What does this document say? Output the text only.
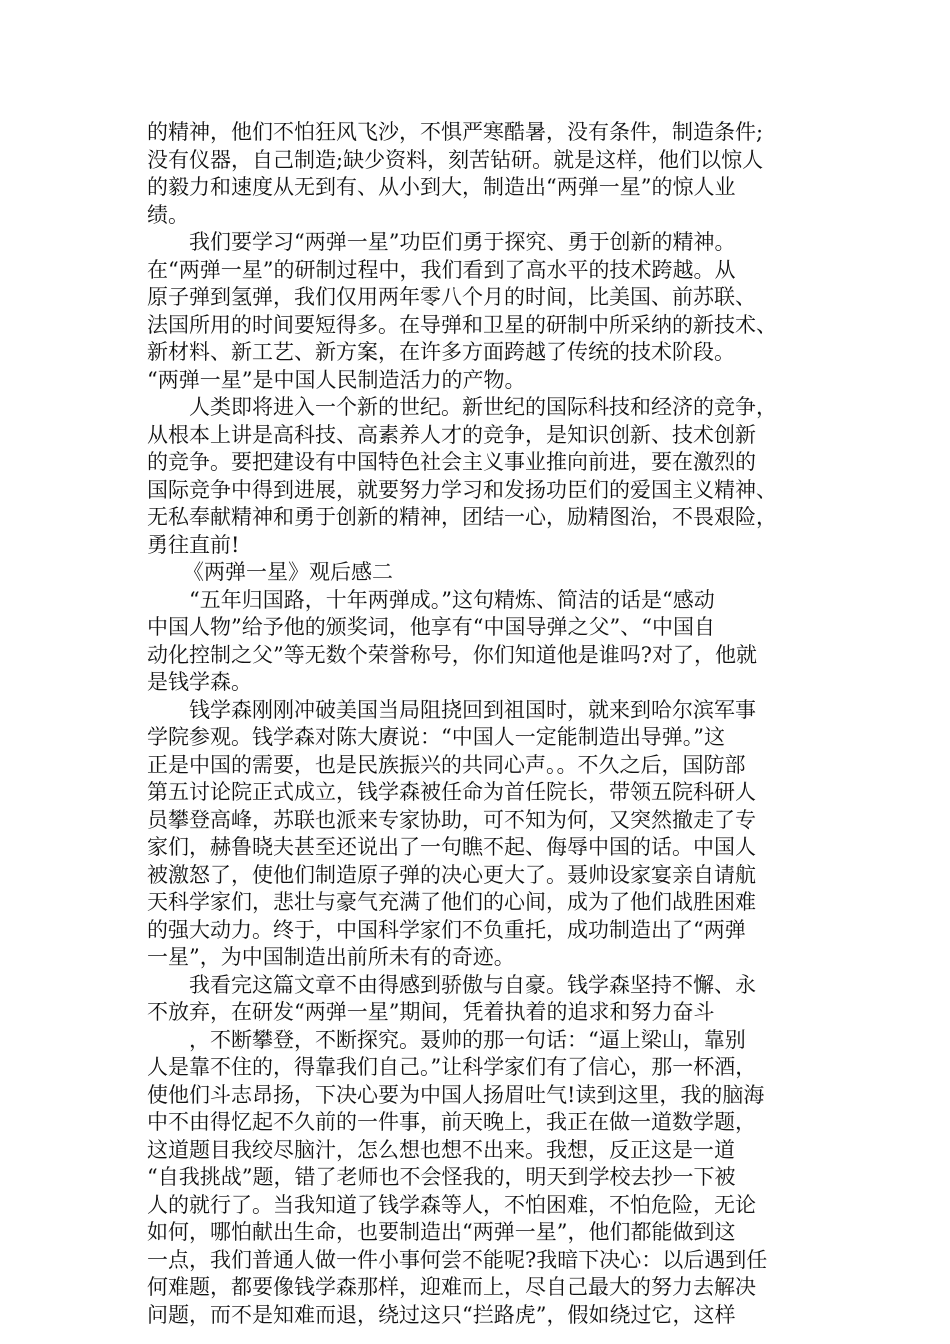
的精神，他们不怕狂风飞沙，不惧严寒酷暑，没有条件，制造条件;
没有仪器，自己制造;缺少资料，刻苦钻研。就是这样，他们以惊人
的毅力和速度从无到有、从小到大，制造出“两弹一星”的惊人业
绩。
我们要学习“两弹一星”功臣们勇于探究、勇于创新的精神。
在“两弹一星”的研制过程中，我们看到了高水平的技术跨越。从
原子弹到氢弹，我们仅用两年零八个月的时间，比美国、前苏联、
法国所用的时间要短得多。在导弹和卫星的研制中所采纳的新技术、
新材料、新工艺、新方案，在许多方面跨越了传统的技术阶段。
“两弹一星”是中国人民制造活力的产物。
人类即将进入一个新的世纪。新世纪的国际科技和经济的竞争，
从根本上讲是高科技、高素养人才的竞争，是知识创新、技术创新
的竞争。要把建设有中国特色社会主义事业推向前进，要在激烈的
国际竞争中得到进展，就要努力学习和发扬功臣们的爱国主义精神、
无私奉献精神和勇于创新的精神，团结一心，励精图治，不畏艰险，
勇往直前!
《两弹一星》观后感二
“五年归国路，十年两弹成。”这句精炼、简洁的话是“感动
中国人物”给予他的颁奖词，他享有“中国导弹之父”、“中国自
动化控制之父”等无数个荣誉称号，你们知道他是谁吗?对了，他就
是钱学森。
钱学森刚刚冲破美国当局阻挠回到祖国时，就来到哈尔滨军事
学院参观。钱学森对陈大赓说：“中国人一定能制造出导弹。”这
正是中国的需要，也是民族振兴的共同心声。。不久之后，国防部
第五讨论院正式成立，钱学森被任命为首任院长，带领五院科研人
员攀登高峰，苏联也派来专家协助，可不知为何，又突然撤走了专
家们，赫鲁晓夫甚至还说出了一句瞧不起、侮辱中国的话。中国人
被激怒了，使他们制造原子弹的决心更大了。聂帅设家宴亲自请航
天科学家们，悲壮与豪气充满了他们的心间，成为了他们战胜困难
的强大动力。终于，中国科学家们不负重托，成功制造出了“两弹
一星”，为中国制造出前所未有的奇迹。
我看完这篇文章不由得感到骄傲与自豪。钱学森坚持不懈、永
不放弃，在研发“两弹一星”期间，凭着执着的追求和努力奋斗
，不断攀登，不断探究。聂帅的那一句话：“逼上梁山，靠别
人是靠不住的，得靠我们自己。”让科学家们有了信心，那一杯酒，
使他们斗志昂扬，下决心要为中国人扬眉吐气!读到这里，我的脑海
中不由得忆起不久前的一件事，前天晚上，我正在做一道数学题，
这道题目我绞尽脑汁，怎么想也想不出来。我想，反正这是一道
“自我挑战”题，错了老师也不会怪我的，明天到学校去抄一下被
人的就行了。当我知道了钱学森等人，不怕困难，不怕危险，无论
如何，哪怕献出生命，也要制造出“两弹一星”，他们都能做到这
一点，我们普通人做一件小事何尝不能呢?我暗下决心：以后遇到任
何难题，都要像钱学森那样，迎难而上，尽自己最大的努力去解决
问题，而不是知难而退，绕过这只“拦路虎”，假如绕过它，这样
